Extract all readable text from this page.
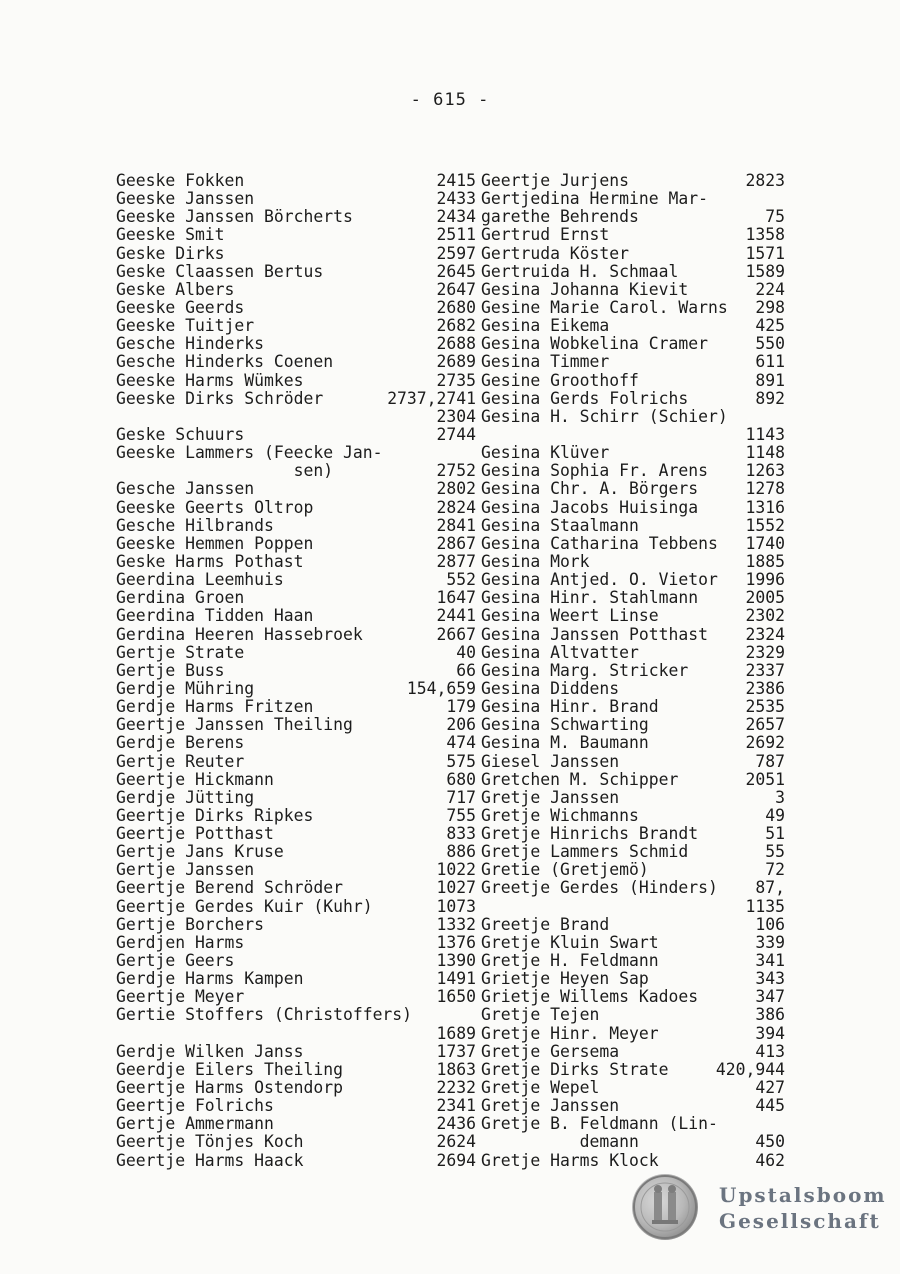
- 615 -
Geeske Fokken	2415
Geeske Janssen	2433
Geeske Janssen Börcherts	2434
Geeske Smit	2511
Geske Dirks	2597
Geske Claassen Bertus	2645
Geske Albers	2647
Geeske Geerds	2680
Geeske Tuitjer	2682
Gesche Hinderks	2688
Gesche Hinderks Coenen	2689
Geeske Harms Wümkes	2735
Geeske Dirks Schröder	2737,2741
2304
Geske Schuurs	2744
Geeske Lammers (Feecke Jan-
sen)	2752
Gesche Janssen	2802
Geeske Geerts Oltrop	2824
Gesche Hilbrands	2841
Geeske Hemmen Poppen	2867
Geske Harms Pothast	2877
Geerdina Leemhuis	552
Gerdina Groen	1647
Geerdina Tidden Haan	2441
Gerdina Heeren Hassebroek	2667
Gertje Strate	40
Gertje Buss	66
Gerdje Mühring	154,659
Gerdje Harms Fritzen	179
Geertje Janssen Theiling	206
Gerdje Berens	474
Gertje Reuter	575
Geertje Hickmann	680
Gerdje Jütting	717
Geertje Dirks Ripkes	755
Geertje Potthast	833
Gertje Jans Kruse	886
Gertje Janssen	1022
Geertje Berend Schröder	1027
Geertje Gerdes Kuir (Kuhr)	1073
Gertje Borchers	1332
Gerdjen Harms	1376
Gertje Geers	1390
Gerdje Harms Kampen	1491
Geertje Meyer	1650
Gertie Stoffers (Christoffers)
1689
Gerdje Wilken Janss	1737
Geerdje Eilers Theiling	1863
Geertje Harms Ostendorp	2232
Geertje Folrichs	2341
Gertje Ammermann	2436
Geertje Tönjes Koch	2624
Geertje Harms Haack	2694
Geertje Jurjens	2823
Gertjedina Hermine Mar-
garethe Behrends	75
Gertrud Ernst	1358
Gertruda Köster	1571
Gertruida H. Schmaal	1589
Gesina Johanna Kievit	224
Gesine Marie Carol. Warns 298
Gesina Eikema	425
Gesina Wobkelina Cramer	550
Gesina Timmer	611
Gesine Groothoff	891
Gesina Gerds Folrichs	892
Gesina H. Schirr (Schier)
1143
Gesina Klüver	1148
Gesina Sophia Fr. Arens 1263
Gesina Chr. A. Börgers	1278
Gesina Jacobs Huisinga	1316
Gesina Staalmann	1552
Gesina Catharina Tebbens 1740
Gesina Mork	1885
Gesina Antjed. O. Vietor 1996
Gesina Hinr. Stahlmann	2005
Gesina Weert Linse	2302
Gesina Janssen Potthast 2324
Gesina Altvatter	2329
Gesina Marg. Stricker	2337
Gesina Diddens	2386
Gesina Hinr. Brand	2535
Gesina Schwarting	2657
Gesina M. Baumann	2692
Giesel Janssen	787
Gretchen M. Schipper	2051
Gretje Janssen	3
Gretje Wichmanns	49
Gretje Hinrichs Brandt	51
Gretje Lammers Schmid	55
Gretie (Gretjemö)	72
Greetje Gerdes (Hinders) 87,
1135
Greetje Brand	106
Gretje Kluin Swart	339
Gretje H. Feldmann	341
Grietje Heyen Sap	343
Grietje Willems Kadoes	347
Gretje Tejen	386
Gretje Hinr. Meyer	394
Gretje Gersema	413
Gretje Dirks Strate	420,944
Gretje Wepel	427
Gretje Janssen	445
Gretje B. Feldmann (Lin-
demann	450
Gretje Harms Klock	462
Upstalsboom
Gesellschaft
